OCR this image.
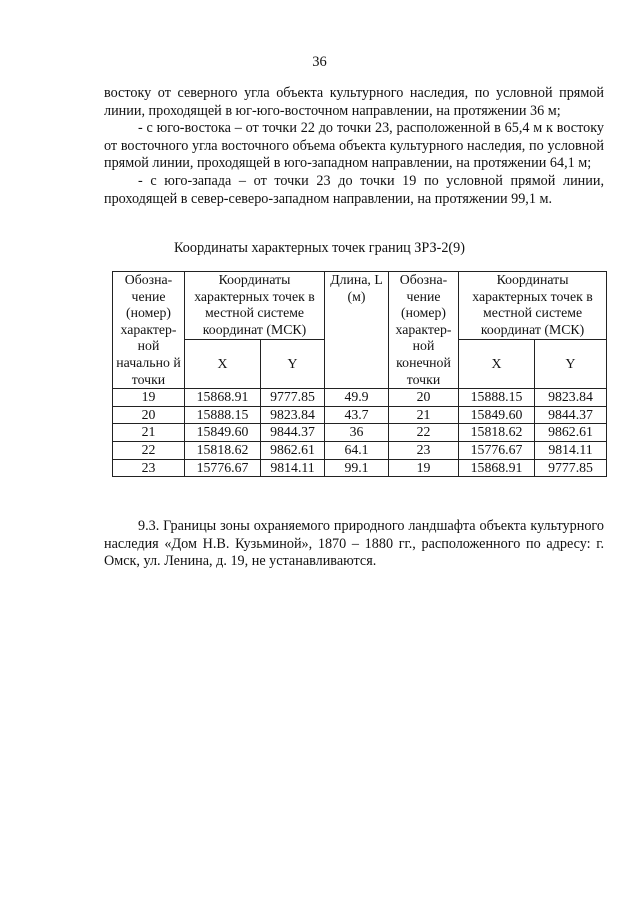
36

востоку от северного угла объекта культурного наследия, по условной прямой линии, проходящей в юг-юго-восточном направлении, на протяжении 36 м;

- с юго-востока – от точки 22 до точки 23, расположенной в 65,4 м к востоку от восточного угла восточного объема объекта культурного наследия, по условной прямой линии, проходящей в юго-западном направлении, на протяжении 64,1 м;

- с юго-запада – от точки 23 до точки 19 по условной прямой линии, проходящей в север-северо-западном направлении, на протяжении 99,1 м.

Координаты характерных точек границ ЗРЗ-2(9)
Обозна-чение (номер) характер-ной начально й точки	Координаты характерных точек в местной системе координат (МСК)		Длина, L (м)	Обозна-чение (номер) характер-ной конечной точки	Координаты характерных точек в местной системе координат (МСК)	
	X	Y			X	Y
19	15868.91	9777.85	49.9	20	15888.15	9823.84
20	15888.15	9823.84	43.7	21	15849.60	9844.37
21	15849.60	9844.37	36	22	15818.62	9862.61
22	15818.62	9862.61	64.1	23	15776.67	9814.11
23	15776.67	9814.11	99.1	19	15868.91	9777.85

9.3. Границы зоны охраняемого природного ландшафта объекта культурного наследия «Дом Н.В. Кузьминой», 1870 – 1880 гг., расположенного по адресу: г. Омск, ул. Ленина, д. 19, не устанавливаются.
